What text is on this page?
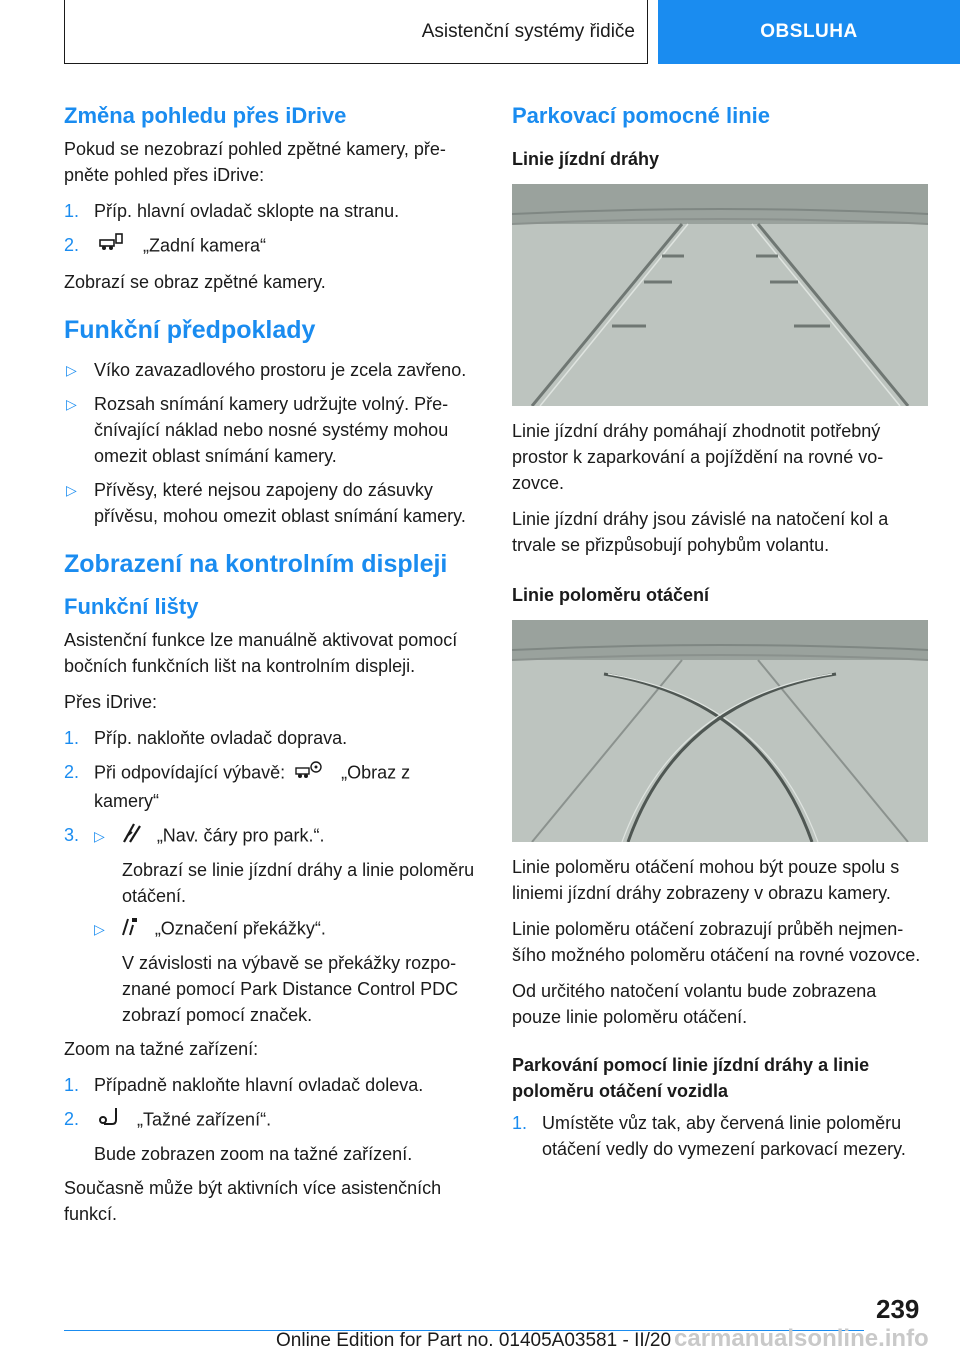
Asistenční systémy řidiče	OBSLUHA
Změna pohledu přes iDrive

Pokud se nezobrazí pohled zpětné kamery, přepněte pohled přes iDrive:

1. Příp. hlavní ovladač sklopte na stranu.
2.	„Zadní kamera“

Zobrazí se obraz zpětné kamery.

Funkční předpoklady
▷ Víko zavazadlového prostoru je zcela zavřeno.
▷ Rozsah snímání kamery udržujte volný. Přečnívající náklad nebo nosné systémy mohou omezit oblast snímání kamery.
▷ Přívěsy, které nejsou zapojeny do zásuvky přívěsu, mohou omezit oblast snímání kamery.
Zobrazení na kontrolním displeji
Funkční lišty

Asistenční funkce lze manuálně aktivovat pomocí bočních funkčních lišt na kontrolním displeji.

Přes iDrive:

1. Příp. nakloňte ovladač doprava.
2. Při odpovídající výbavě:	„Obraz z kamery“
3. ▷	„Nav. čáry pro park.“.
Zobrazí se linie jízdní dráhy a linie poloměru otáčení.
▷	„Označení překážky“.
V závislosti na výbavě se překážky rozpoznané pomocí Park Distance Control PDC zobrazí pomocí značek.

Zoom na tažné zařízení:

1. Případně nakloňte hlavní ovladač doleva.
2.	„Tažné zařízení“.
Bude zobrazen zoom na tažné zařízení.

Současně může být aktivních více asistenčních funkcí.

Parkovací pomocné linie
Linie jízdní dráhy

Linie jízdní dráhy pomáhají zhodnotit potřebný prostor k zaparkování a pojíždění na rovné vozovce.

Linie jízdní dráhy jsou závislé na natočení kol a trvale se přizpůsobují pohybům volantu.

Linie poloměru otáčení

Linie poloměru otáčení mohou být pouze spolu s liniemi jízdní dráhy zobrazeny v obrazu kamery.

Linie poloměru otáčení zobrazují průběh nejmenšího možného poloměru otáčení na rovné vozovce.

Od určitého natočení volantu bude zobrazena pouze linie poloměru otáčení.

Parkování pomocí linie jízdní dráhy a linie poloměru otáčení vozidla
1. Umístěte vůz tak, aby červená linie poloměru otáčení vedly do vymezení parkovací mezery.
239
Online Edition for Part no. 01405A03581 - II/20 carmanualsonline.info
